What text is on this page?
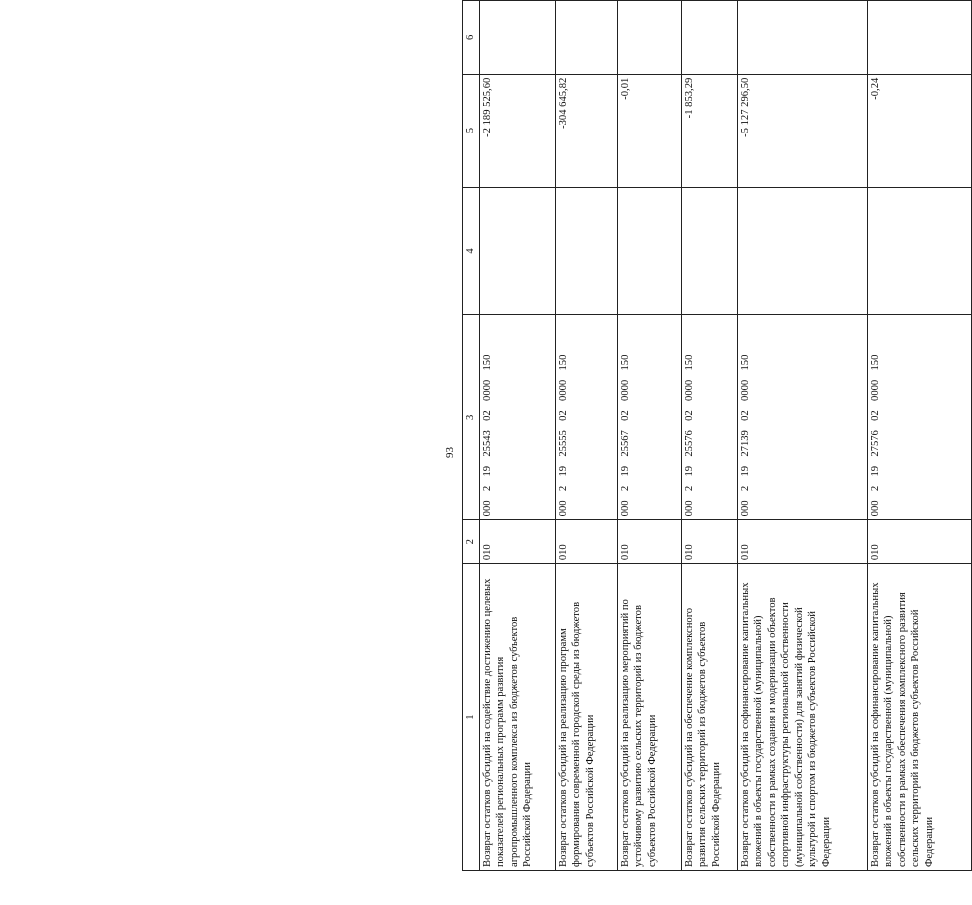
93
1	2	3	4	5	6
Возврат остатков субсидий на содействие достижению целевых показателей региональных программ развития агропромышленного комплекса из бюджетов субъектов Российской Федерации	010	000  2  19  25543  02  0000  150		-2 189 525,60	
Возврат остатков субсидий на реализацию программ формирования современной городской среды из бюджетов субъектов Российской Федерации	010	000  2  19  25555  02  0000  150		-304 645,82	
Возврат остатков субсидий на реализацию мероприятий по устойчивому развитию сельских территорий из бюджетов субъектов Российской Федерации	010	000  2  19  25567  02  0000  150		-0,01	
Возврат остатков субсидий на обеспечение комплексного развития сельских территорий из бюджетов субъектов Российской Федерации	010	000  2  19  25576  02  0000  150		-1 853,29	
Возврат остатков субсидий на софинансирование капитальных вложений в объекты государственной (муниципальной) собственности в рамках создания и модернизации объектов спортивной инфраструктуры региональной собственности (муниципальной собственности) для занятий физической культурой и спортом из бюджетов субъектов Российской Федерации	010	000  2  19  27139  02  0000  150		-5 127 296,50	
Возврат остатков субсидий на софинансирование капитальных вложений в объекты государственной (муниципальной) собственности в рамках обеспечения комплексного развития сельских территорий из бюджетов субъектов Российской Федерации	010	000  2  19  27576  02  0000  150		-0,24	
